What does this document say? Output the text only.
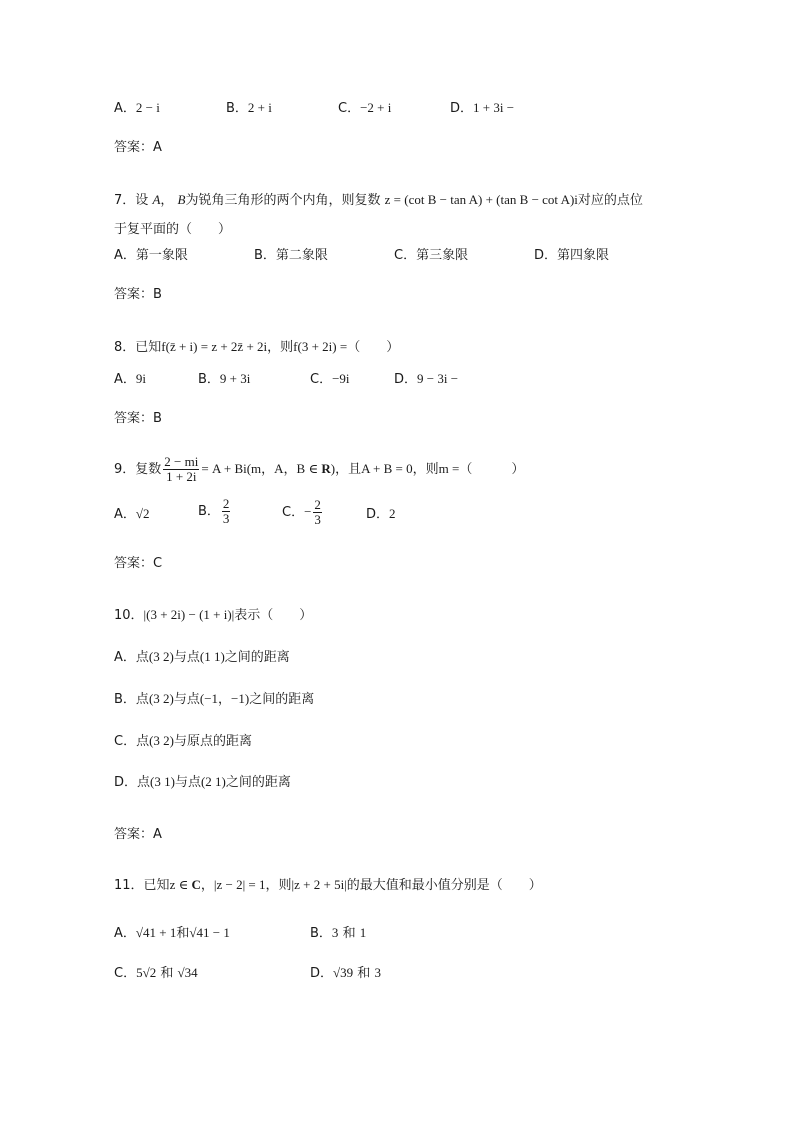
A．2 − i	B．2 + i	C．−2 + i	D．1 + 3i −
答案：A
7．设 A， B为锐角三角形的两个内角，则复数 z = (cot B − tan A) + (tan B − cot A)i对应的点位
于复平面的（　　）
A．第一象限	B．第二象限	C．第三象限	D．第四象限
答案：B
8．已知f(z̄ + i) = z + 2z̄ + 2i，则f(3 + 2i) =（　　）
A．9i	B．9 + 3i	C．−9i	D．9 − 3i −
答案：B
9．复数 $\frac{2 - mi}{1 + 2i} = A + Bi(m$，A，B ∈ R)，且A + B = 0，则m =（　　　）
A．√2	B． $\frac{2}{3}$	C．− $\frac{2}{3}$	D．2
答案：C
10．|(3 + 2i) − (1 + i)|表示（　　）
A．点(3 2)与点(1 1)之间的距离
B．点(3 2)与点(−1，−1)之间的距离
C．点(3 2)与原点的距离
D．点(3 1)与点(2 1)之间的距离
答案：A
11．已知z ∈ C，|z − 2| = 1，则|z + 2 + 5i|的最大值和最小值分别是（　　）
A．√41 + 1和√41 − 1	B．3 和 1
C．5√2 和 √34	D．√39 和 3
